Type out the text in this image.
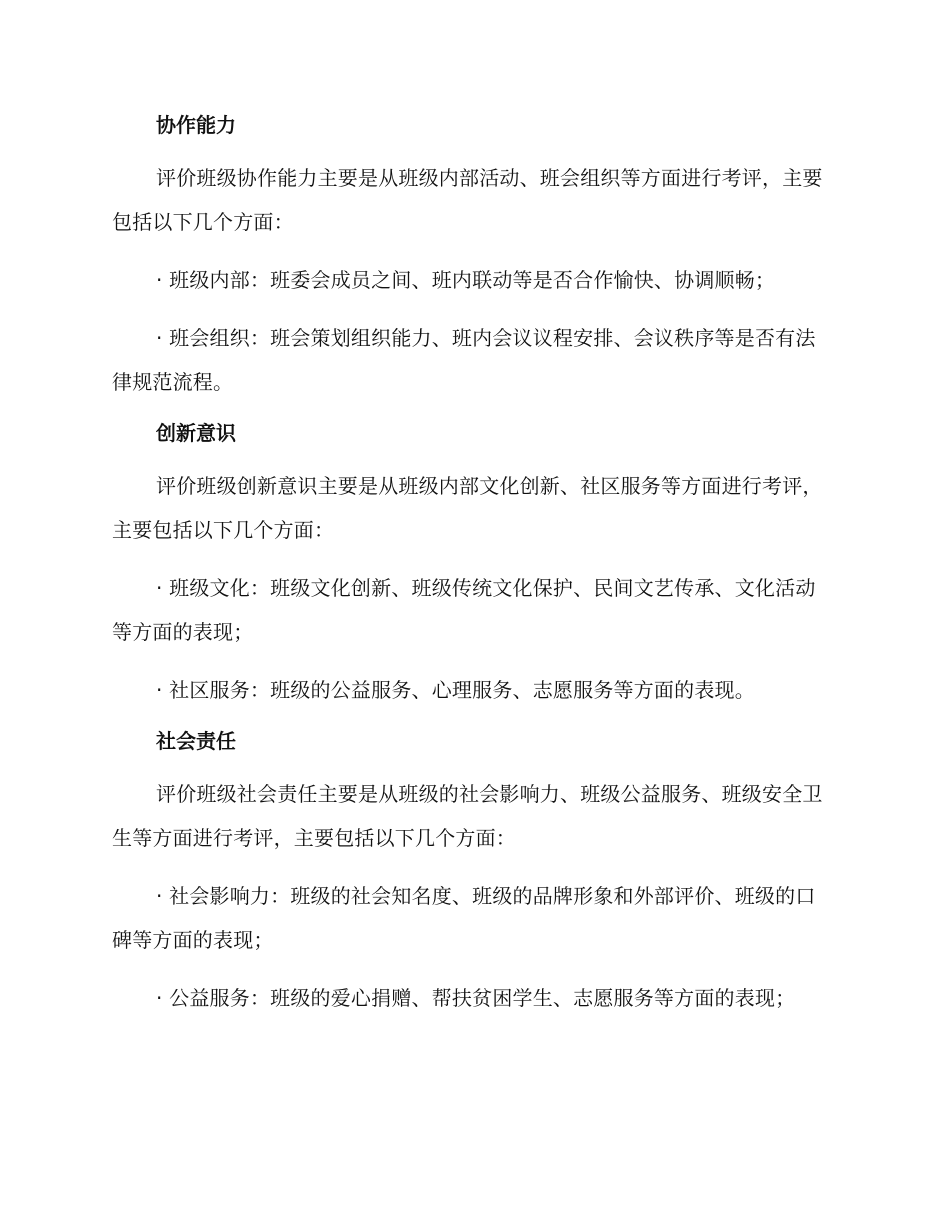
协作能力

评价班级协作能力主要是从班级内部活动、班会组织等方面进行考评，主要包括以下几个方面：

· 班级内部：班委会成员之间、班内联动等是否合作愉快、协调顺畅；

· 班会组织：班会策划组织能力、班内会议议程安排、会议秩序等是否有法律规范流程。

创新意识

评价班级创新意识主要是从班级内部文化创新、社区服务等方面进行考评，主要包括以下几个方面：

· 班级文化：班级文化创新、班级传统文化保护、民间文艺传承、文化活动等方面的表现；

· 社区服务：班级的公益服务、心理服务、志愿服务等方面的表现。

社会责任

评价班级社会责任主要是从班级的社会影响力、班级公益服务、班级安全卫生等方面进行考评，主要包括以下几个方面：

· 社会影响力：班级的社会知名度、班级的品牌形象和外部评价、班级的口碑等方面的表现；

· 公益服务：班级的爱心捐赠、帮扶贫困学生、志愿服务等方面的表现；
